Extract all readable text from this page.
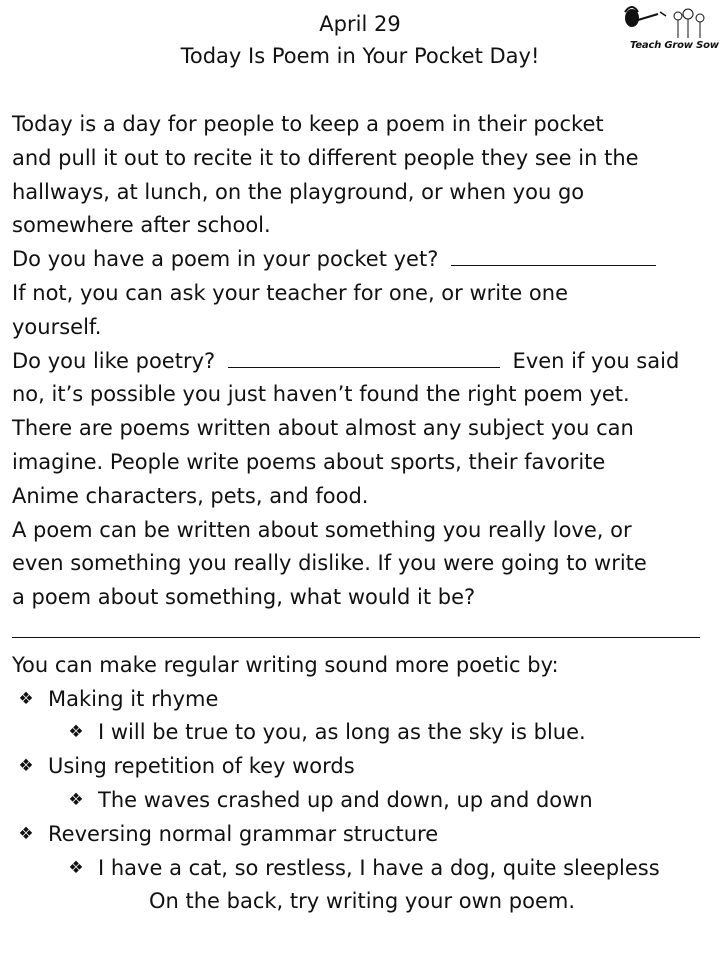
April 29
Today Is Poem in Your Pocket Day!	Teach Grow Sow
Today is a day for people to keep a poem in their pocket
and pull it out to recite it to different people they see in the
hallways, at lunch, on the playground, or when you go
somewhere after school.
Do you have a poem in your pocket yet?
If not, you can ask your teacher for one, or write one
yourself.
Do you like poetry?	Even if you said
no, it’s possible you just haven’t found the right poem yet.
There are poems written about almost any subject you can
imagine. People write poems about sports, their favorite
Anime characters, pets, and food.
A poem can be written about something you really love, or
even something you really dislike. If you were going to write
a poem about something, what would it be?
You can make regular writing sound more poetic by:
❖ Making it rhyme
❖ I will be true to you, as long as the sky is blue.
❖ Using repetition of key words
❖ The waves crashed up and down, up and down
❖ Reversing normal grammar structure
❖ I have a cat, so restless, I have a dog, quite sleepless
On the back, try writing your own poem.
